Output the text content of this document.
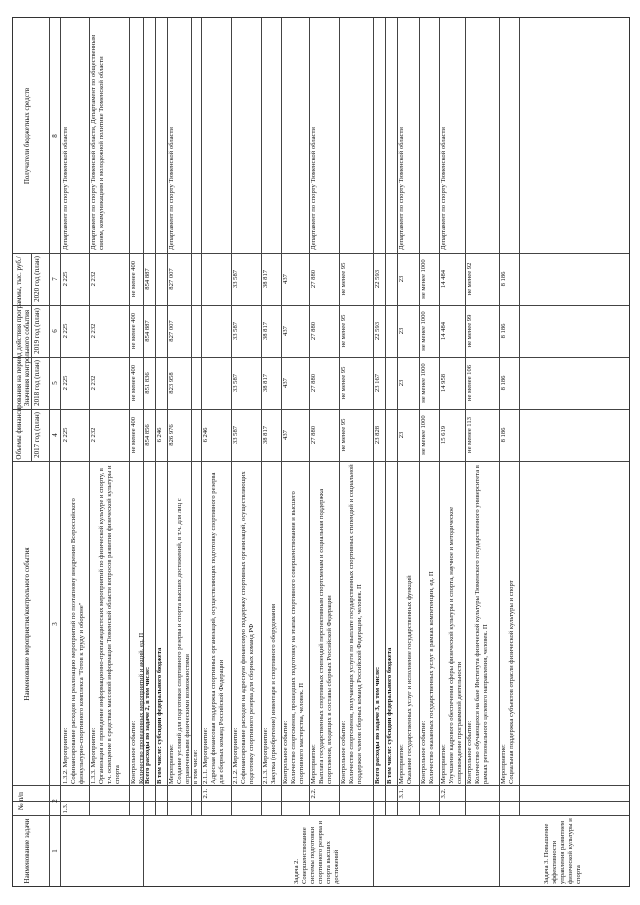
Наименование задачи
№ п/п
Наименование мероприятия/контрольного события
Объемы финансирования на период действия программы, тыс. руб./Значения контрольного события
2017 год (план)
2018 год (план)
2019 год (план)
2020 год (план)
Получатели бюджетных средств
1
2
3
4
5
6
7
8
Задача 2. Совершенствование системы подготовки спортивного резерва и спорта высших достижений	Задача 3. Повышение эффективности управления развитием физической культуры и спорта
1.3.
1.3.2. Мероприятие:
Софинансирование расходов на реализацию мероприятий по поэтапному внедрению Всероссийского физкультурно-спортивного комплекса "Готов к труду и обороне"
2 225
2 225
2 225
2 225
Департамент по спорту Тюменской области
1.3.3. Мероприятие:
Организация и проведение информационно-пропагандистских мероприятий по физической культуре и спорту, в т.ч. освещение в средствах массовой информации Тюменской области вопросов развития физической культуры и спорта
2 232
2 232
2 232
2 232
Департамент по спорту Тюменской области, Департамент по общественным связям, коммуникациям и молодежной политике Тюменской области
Контрольное событие:
Количество проведенных мероприятий и акций, ед. П
не менее 400
не менее 400
не менее 400
не менее 400
Всего расходы по задаче 2, в том числе:
854 856
851 836
854 887
854 887
В том числе: субсидии федерального бюджета
6 246
Мероприятие:
Создание условий для подготовки спортивного резерва и спорта высших достижений, в т.ч. для лиц с ограниченными физическими возможностями
826 976
823 958
827 007
827 007
Департамент по спорту Тюменской области
в том числе:
2.1.
2.1.1. Мероприятие:
Адресная финансовая поддержка спортивных организаций, осуществляющих подготовку спортивного резерва для сборных команд Российской Федерации
6 246
2.1.2. Мероприятие:
Софинансирование расходов на адресную финансовую поддержку спортивных организаций, осуществляющих подготовку спортивного резерва для сборных команд РФ
33 587
33 587
33 587
33 587
2.1.3. Мероприятие:
Закупка (приобретение) инвентаря и спортивного оборудования
38 817
38 817
38 817
38 817
Контрольное событие:
Количество спортсменов, прошедших подготовку на этапах спортивного совершенствования и высшего спортивного мастерства, человек. П
437
437
437
437
2.2.
Мероприятие:
Выплата государственных спортивных стипендий перспективным спортсменам и социальная поддержка спортсменов, входящих в составы сборных Российской Федерации
27 880
27 880
27 880
27 880
Департамент по спорту Тюменской области
Контрольное событие:
Количество спортсменов, получающих услуги по выплате государственных спортивных стипендий и социальной поддержки членов сборных команд Российской Федерации, человек. П
не менее 95
не менее 95
не менее 95
не менее 95
Всего расходы по задаче 3, в том числе:
23 828
23 167
22 593
22 593
В том числе: субсидии федерального бюджета
3.1.
Мероприятие:
Оказание государственных услуг и исполнение государственных функций
23
23
23
23
Департамент по спорту Тюменской области
Контрольное событие:
Количество оказанных государственных услуг в рамках компетенции, ед. П
не менее 1000
не менее 1000
не менее 1000
не менее 1000
3.2.
Мероприятие:
Улучшение кадрового обеспечения сферы физической культуры и спорта, научное и методическое сопровождение программной деятельности
15 619
14 958
14 484
14 484
Департамент по спорту Тюменской области
Контрольное событие:
Количество обучающихся на базе Института физической культуры Тюменского государственного университета в рамках регионального целевого направления, человек. П
не менее 113
не менее 106
не менее 99
не менее 92
Мероприятие:
Социальная поддержка субъектов отрасли физической культуры и спорт
8 186
8 186
8 186
8 186
